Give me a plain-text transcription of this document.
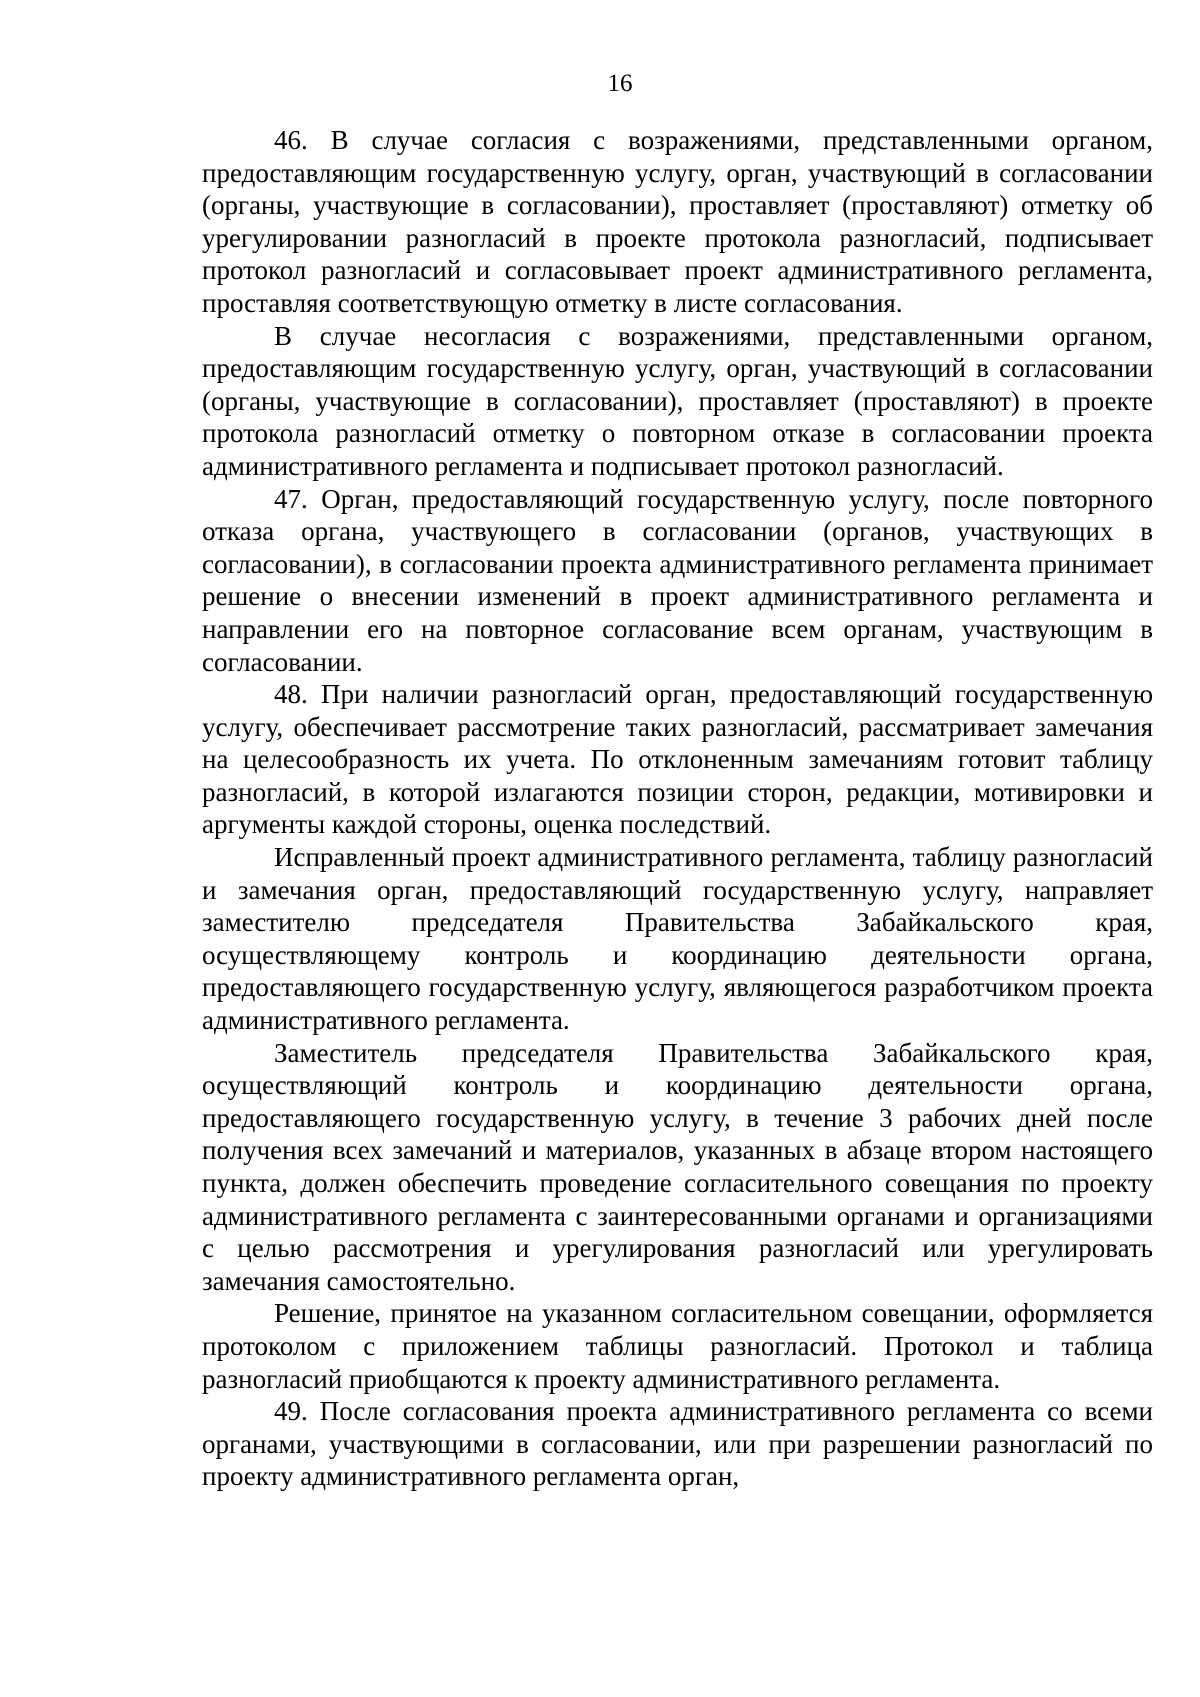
16

46. В случае согласия с возражениями, представленными органом, предоставляющим государственную услугу, орган, участвующий в согласовании (органы, участвующие в согласовании), проставляет (проставляют) отметку об урегулировании разногласий в проекте протокола разногласий, подписывает протокол разногласий и согласовывает проект административного регламента, проставляя соответствующую отметку в листе согласования.

В случае несогласия с возражениями, представленными органом, предоставляющим государственную услугу, орган, участвующий в согласовании (органы, участвующие в согласовании), проставляет (проставляют) в проекте протокола разногласий отметку о повторном отказе в согласовании проекта административного регламента и подписывает протокол разногласий.

47. Орган, предоставляющий государственную услугу, после повторного отказа органа, участвующего в согласовании (органов, участвующих в согласовании), в согласовании проекта административного регламента принимает решение о внесении изменений в проект административного регламента и направлении его на повторное согласование всем органам, участвующим в согласовании.

48. При наличии разногласий орган, предоставляющий государственную услугу, обеспечивает рассмотрение таких разногласий, рассматривает замечания на целесообразность их учета. По отклоненным замечаниям готовит таблицу разногласий, в которой излагаются позиции сторон, редакции, мотивировки и аргументы каждой стороны, оценка последствий.

Исправленный проект административного регламента, таблицу разногласий и замечания орган, предоставляющий государственную услугу, направляет заместителю председателя Правительства Забайкальского края, осуществляющему контроль и координацию деятельности органа, предоставляющего государственную услугу, являющегося разработчиком проекта административного регламента.

Заместитель председателя Правительства Забайкальского края, осуществляющий контроль и координацию деятельности органа, предоставляющего государственную услугу, в течение 3 рабочих дней после получения всех замечаний и материалов, указанных в абзаце втором настоящего пункта, должен обеспечить проведение согласительного совещания по проекту административного регламента с заинтересованными органами и организациями с целью рассмотрения и урегулирования разногласий или урегулировать замечания самостоятельно.

Решение, принятое на указанном согласительном совещании, оформляется протоколом с приложением таблицы разногласий. Протокол и таблица разногласий приобщаются к проекту административного регламента.

49. После согласования проекта административного регламента со всеми органами, участвующими в согласовании, или при разрешении разногласий по проекту административного регламента орган,
